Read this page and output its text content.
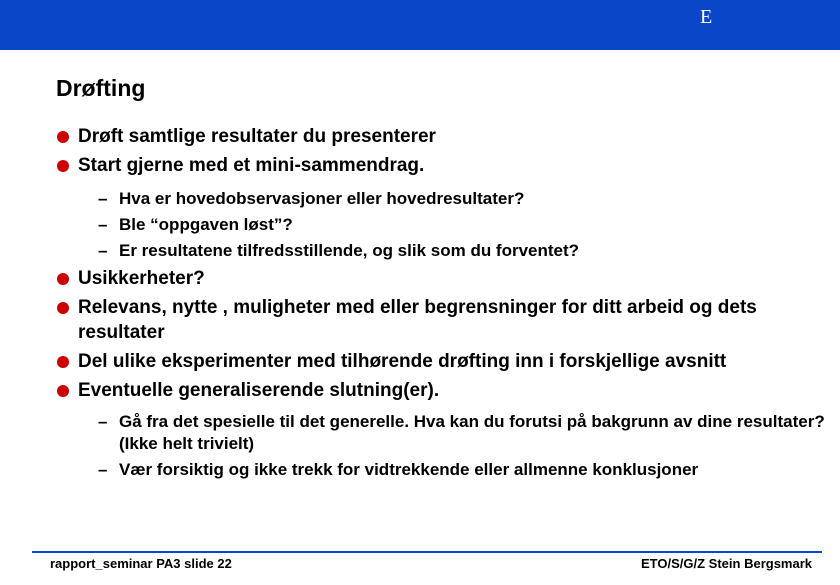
E
Drøfting
Drøft samtlige resultater du presenterer
Start gjerne med et mini-sammendrag.
– Hva er hovedobservasjoner eller hovedresultater?
– Ble “oppgaven løst”?
– Er resultatene tilfredsstillende, og slik som du forventet?
Usikkerheter?
Relevans, nytte , muligheter med eller begrensninger for ditt arbeid og dets resultater
Del ulike eksperimenter med tilhørende drøfting inn i forskjellige avsnitt
Eventuelle generaliserende slutning(er).
– Gå fra det spesielle til det generelle. Hva kan du forutsi på bakgrunn av dine resultater? (Ikke helt trivielt)
– Vær forsiktig og ikke trekk for vidtrekkende eller allmenne konklusjoner
rapport_seminar PA3 slide 22	ETO/S/G/Z Stein Bergsmark
